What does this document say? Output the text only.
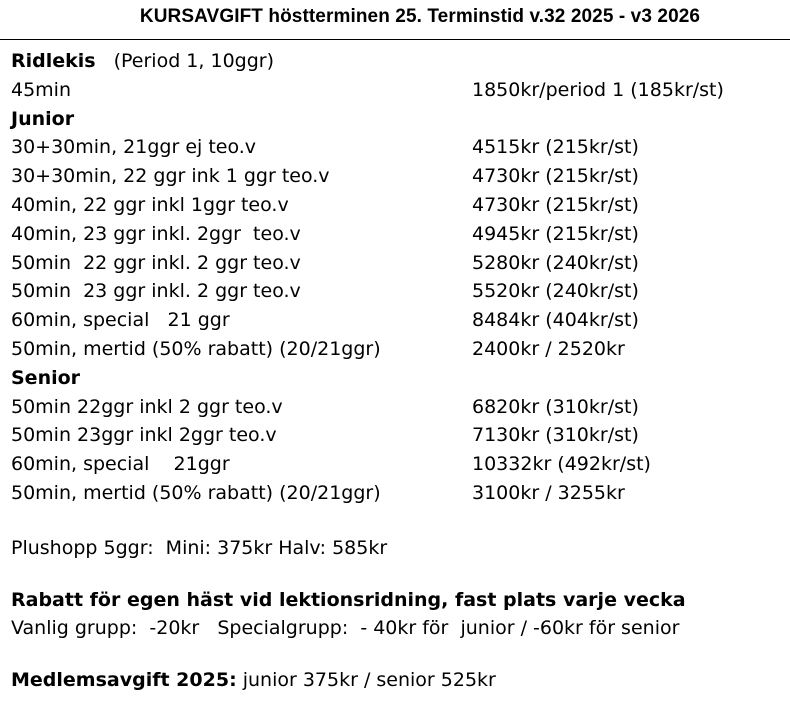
KURSAVGIFT höstterminen 25. Terminstid v.32 2025 - v3 2026
Ridlekis (Period 1, 10ggr)
45min	1850kr/period 1 (185kr/st)
Junior
30+30min, 21ggr ej teo.v	4515kr (215kr/st)
30+30min, 22 ggr ink 1 ggr teo.v	4730kr (215kr/st)
40min, 22 ggr inkl 1ggr teo.v	4730kr (215kr/st)
40min, 23 ggr inkl. 2ggr  teo.v	4945kr (215kr/st)
50min  22 ggr inkl. 2 ggr teo.v	5280kr (240kr/st)
50min  23 ggr inkl. 2 ggr teo.v	5520kr (240kr/st)
60min, special   21 ggr	8484kr (404kr/st)
50min, mertid (50% rabatt) (20/21ggr)	2400kr / 2520kr
Senior
50min 22ggr inkl 2 ggr teo.v	6820kr (310kr/st)
50min 23ggr inkl 2ggr teo.v	7130kr (310kr/st)
60min, special    21ggr	10332kr (492kr/st)
50min, mertid (50% rabatt) (20/21ggr)	3100kr / 3255kr
Plushopp 5ggr:  Mini: 375kr Halv: 585kr
Rabatt för egen häst vid lektionsridning, fast plats varje vecka
Vanlig grupp:  -20kr   Specialgrupp:  - 40kr för  junior / -60kr för senior
Medlemsavgift 2025: junior 375kr / senior 525kr
